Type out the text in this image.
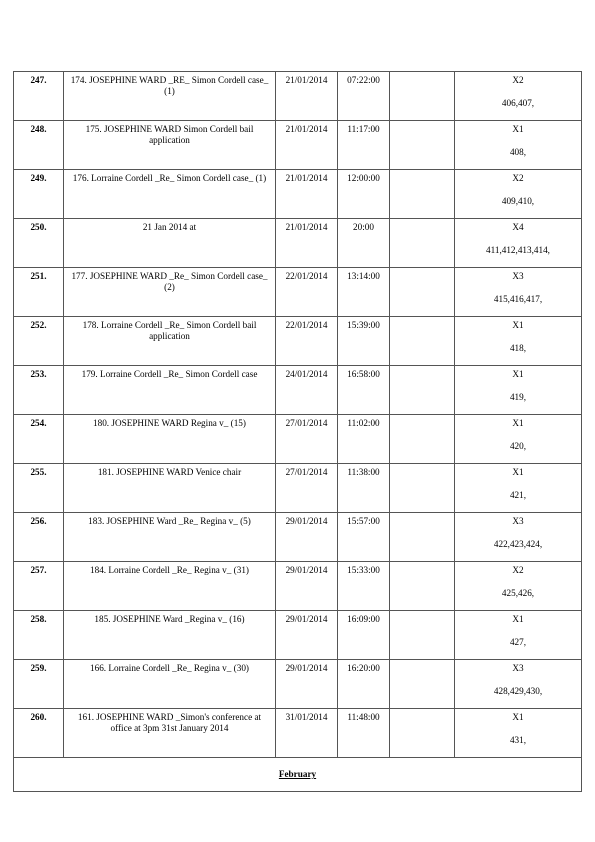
247.	174. JOSEPHINE WARD _RE_ Simon Cordell case_ (1)	21/01/2014	07:22:00		X2
406,407,

248.	175. JOSEPHINE WARD Simon Cordell bail application	21/01/2014	11:17:00		X1
408,

249.	176. Lorraine Cordell _Re_ Simon Cordell case_ (1)	21/01/2014	12:00:00		X2
409,410,

250.	21 Jan 2014 at	21/01/2014	20:00		X4
411,412,413,414,

251.	177. JOSEPHINE WARD _Re_ Simon Cordell case_ (2)	22/01/2014	13:14:00		X3
415,416,417,

252.	178. Lorraine Cordell _Re_ Simon Cordell bail application	22/01/2014	15:39:00		X1
418,

253.	179. Lorraine Cordell _Re_ Simon Cordell case	24/01/2014	16:58:00		X1
419,

254.	180. JOSEPHINE WARD Regina v_ (15)	27/01/2014	11:02:00		X1
420,

255.	181. JOSEPHINE WARD Venice chair	27/01/2014	11:38:00		X1
421,

256.	183. JOSEPHINE Ward _Re_ Regina v_ (5)	29/01/2014	15:57:00		X3
422,423,424,

257.	184. Lorraine Cordell _Re_ Regina v_ (31)	29/01/2014	15:33:00		X2
425,426,

258.	185. JOSEPHINE Ward _Regina v_ (16)	29/01/2014	16:09:00		X1
427,

259.	166. Lorraine Cordell _Re_ Regina v_ (30)	29/01/2014	16:20:00		X3
428,429,430,

260.	161. JOSEPHINE WARD _Simon's conference at office at 3pm 31st January 2014	31/01/2014	11:48:00		X1
431,

February					
